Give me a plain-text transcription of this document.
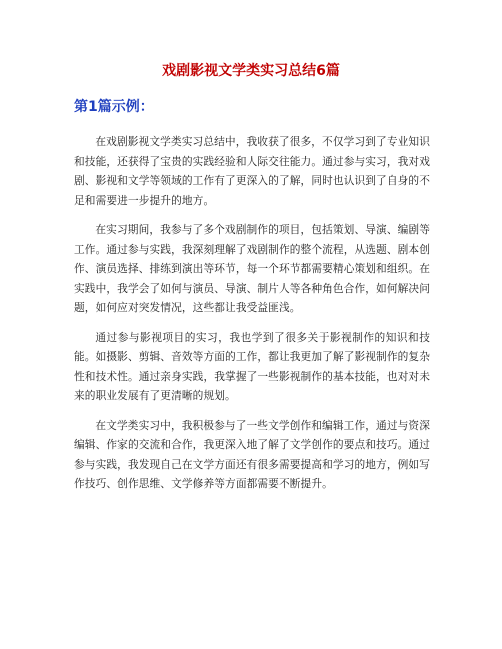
戏剧影视文学类实习总结6篇
第1篇示例：

在戏剧影视文学类实习总结中，我收获了很多，不仅学习到了专业知识和技能，还获得了宝贵的实践经验和人际交往能力。通过参与实习，我对戏剧、影视和文学等领域的工作有了更深入的了解，同时也认识到了自身的不足和需要进一步提升的地方。

在实习期间，我参与了多个戏剧制作的项目，包括策划、导演、编剧等工作。通过参与实践，我深刻理解了戏剧制作的整个流程，从选题、剧本创作、演员选择、排练到演出等环节，每一个环节都需要精心策划和组织。在实践中，我学会了如何与演员、导演、制片人等各种角色合作，如何解决问题，如何应对突发情况，这些都让我受益匪浅。

通过参与影视项目的实习，我也学到了很多关于影视制作的知识和技能。如摄影、剪辑、音效等方面的工作，都让我更加了解了影视制作的复杂性和技术性。通过亲身实践，我掌握了一些影视制作的基本技能，也对对未来的职业发展有了更清晰的规划。

在文学类实习中，我积极参与了一些文学创作和编辑工作，通过与资深编辑、作家的交流和合作，我更深入地了解了文学创作的要点和技巧。通过参与实践，我发现自己在文学方面还有很多需要提高和学习的地方，例如写作技巧、创作思维、文学修养等方面都需要不断提升。
